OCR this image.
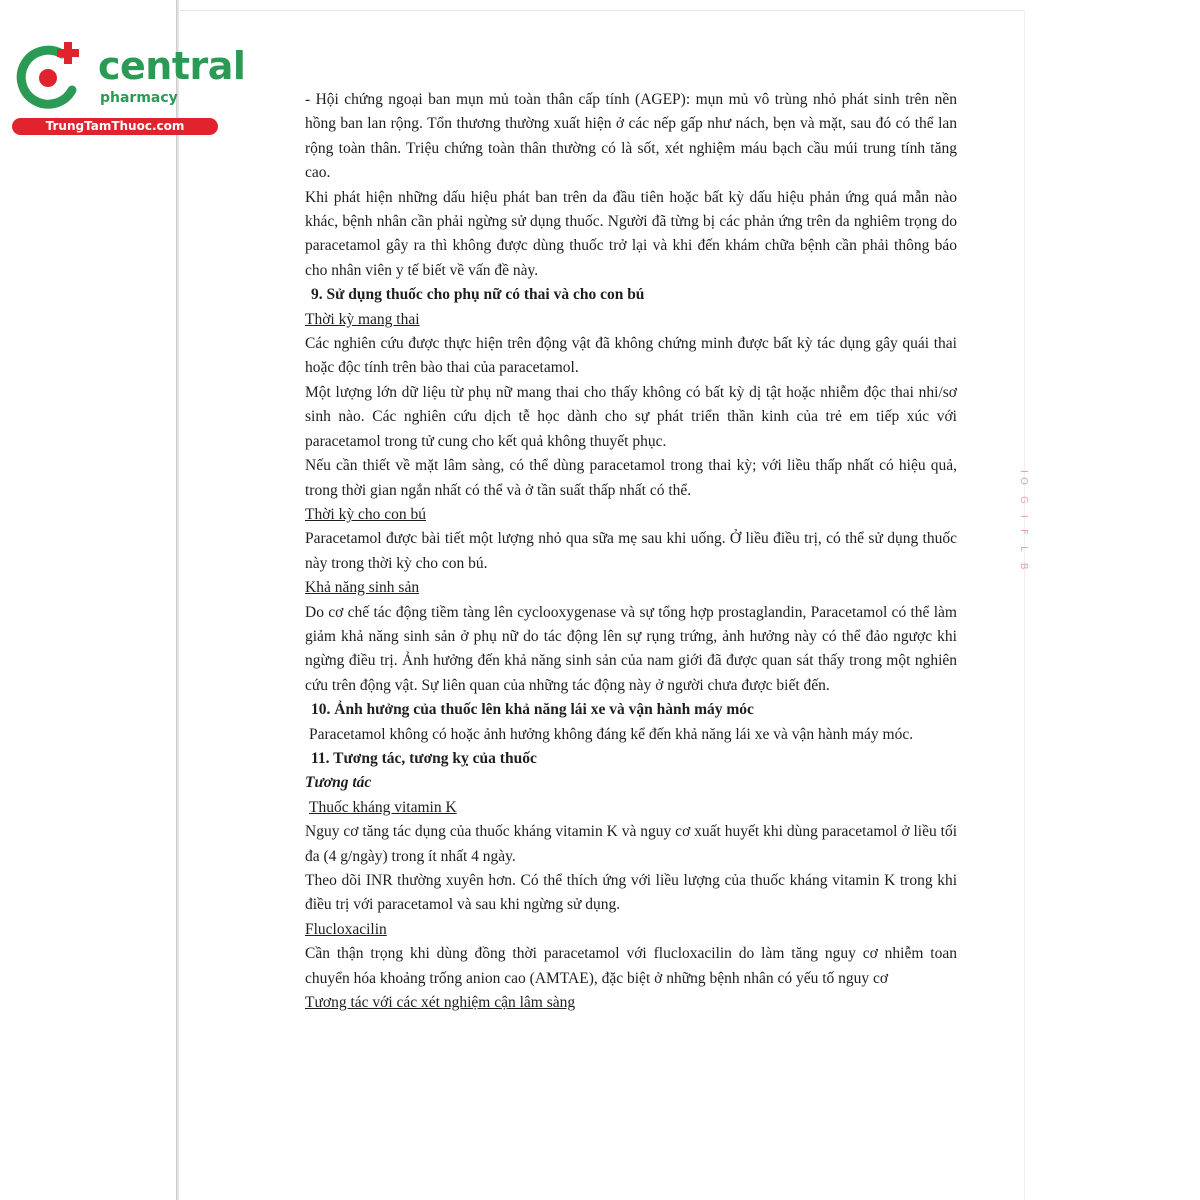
central
pharmacy
TrungTamThuoc.com

- Hội chứng ngoại ban mụn mủ toàn thân cấp tính (AGEP): mụn mủ vô trùng nhỏ phát sinh trên nền hồng ban lan rộng. Tổn thương thường xuất hiện ở các nếp gấp như nách, bẹn và mặt, sau đó có thể lan rộng toàn thân. Triệu chứng toàn thân thường có là sốt, xét nghiệm máu bạch cầu múi trung tính tăng cao.

Khi phát hiện những dấu hiệu phát ban trên da đầu tiên hoặc bất kỳ dấu hiệu phản ứng quá mẫn nào khác, bệnh nhân cần phải ngừng sử dụng thuốc. Người đã từng bị các phản ứng trên da nghiêm trọng do paracetamol gây ra thì không được dùng thuốc trở lại và khi đến khám chữa bệnh cần phải thông báo cho nhân viên y tế biết về vấn đề này.

9. Sử dụng thuốc cho phụ nữ có thai và cho con bú

Thời kỳ mang thai

Các nghiên cứu được thực hiện trên động vật đã không chứng minh được bất kỳ tác dụng gây quái thai hoặc độc tính trên bào thai của paracetamol.

Một lượng lớn dữ liệu từ phụ nữ mang thai cho thấy không có bất kỳ dị tật hoặc nhiễm độc thai nhi/sơ sinh nào. Các nghiên cứu dịch tễ học dành cho sự phát triển thần kinh của trẻ em tiếp xúc với paracetamol trong tử cung cho kết quả không thuyết phục.

Nếu cần thiết về mặt lâm sàng, có thể dùng paracetamol trong thai kỳ; với liều thấp nhất có hiệu quả, trong thời gian ngắn nhất có thể và ở tần suất thấp nhất có thể.

Thời kỳ cho con bú

Paracetamol được bài tiết một lượng nhỏ qua sữa mẹ sau khi uống. Ở liều điều trị, có thể sử dụng thuốc này trong thời kỳ cho con bú.

Khả năng sinh sản

Do cơ chế tác động tiềm tàng lên cyclooxygenase và sự tổng hợp prostaglandin, Paracetamol có thể làm giảm khả năng sinh sản ở phụ nữ do tác động lên sự rụng trứng, ảnh hưởng này có thể đảo ngược khi ngừng điều trị. Ảnh hưởng đến khả năng sinh sản của nam giới đã được quan sát thấy trong một nghiên cứu trên động vật. Sự liên quan của những tác động này ở người chưa được biết đến.

10. Ảnh hưởng của thuốc lên khả năng lái xe và vận hành máy móc

Paracetamol không có hoặc ảnh hưởng không đáng kể đến khả năng lái xe và vận hành máy móc.

11. Tương tác, tương kỵ của thuốc

Tương tác

Thuốc kháng vitamin K

Nguy cơ tăng tác dụng của thuốc kháng vitamin K và nguy cơ xuất huyết khi dùng paracetamol ở liều tối đa (4 g/ngày) trong ít nhất 4 ngày.

Theo dõi INR thường xuyên hơn. Có thể thích ứng với liều lượng của thuốc kháng vitamin K trong khi điều trị với paracetamol và sau khi ngừng sử dụng.

Flucloxacilin

Cần thận trọng khi dùng đồng thời paracetamol với flucloxacilin do làm tăng nguy cơ nhiễm toan chuyển hóa khoảng trống anion cao (AMTAE), đặc biệt ở những bệnh nhân có yếu tố nguy cơ

Tương tác với các xét nghiệm cận lâm sàng

IO G I F L B
